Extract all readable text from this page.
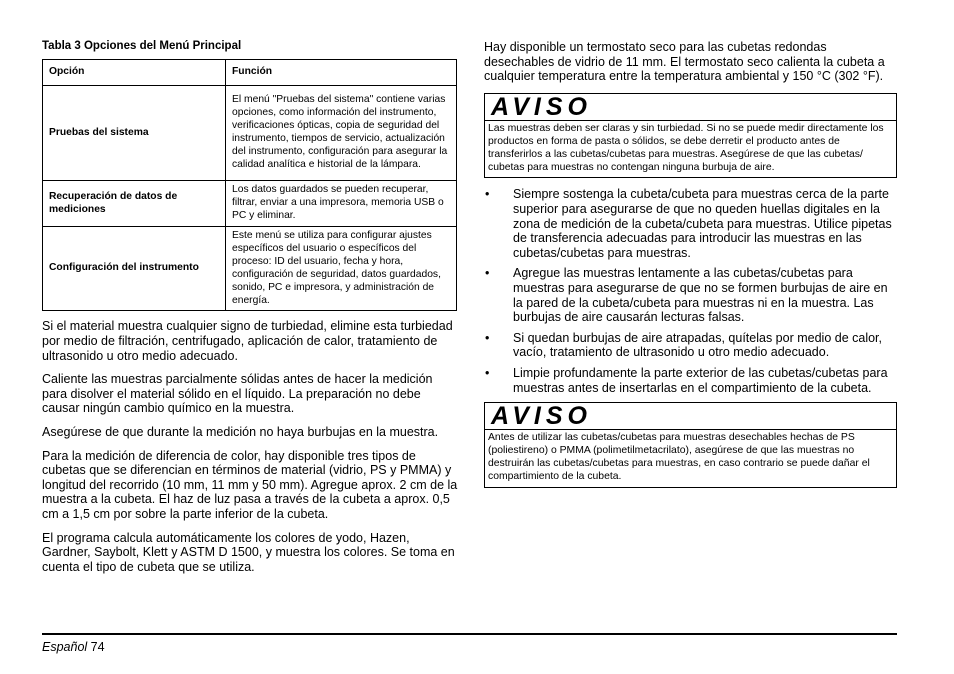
Tabla 3 Opciones del Menú Principal
Opción	Función
Pruebas del sistema	El menú "Pruebas del sistema" contiene varias opciones, como información del instrumento, verificaciones ópticas, copia de seguridad del instrumento, tiempos de servicio, actualización del instrumento, configuración para asegurar la calidad analítica e historial de la lámpara.
Recuperación de datos de mediciones	Los datos guardados se pueden recuperar, filtrar, enviar a una impresora, memoria USB o PC y eliminar.
Configuración del instrumento	Este menú se utiliza para configurar ajustes específicos del usuario o específicos del proceso: ID del usuario, fecha y hora, configuración de seguridad, datos guardados, sonido, PC e impresora, y administración de energía.

Si el material muestra cualquier signo de turbiedad, elimine esta turbiedad por medio de filtración, centrifugado, aplicación de calor, tratamiento de ultrasonido u otro medio adecuado.

Caliente las muestras parcialmente sólidas antes de hacer la medición para disolver el material sólido en el líquido. La preparación no debe causar ningún cambio químico en la muestra.

Asegúrese de que durante la medición no haya burbujas en la muestra.

Para la medición de diferencia de color, hay disponible tres tipos de cubetas que se diferencian en términos de material (vidrio, PS y PMMA) y longitud del recorrido (10 mm, 11 mm y 50 mm). Agregue aprox. 2 cm de la muestra a la cubeta. El haz de luz pasa a través de la cubeta a aprox. 0,5 cm a 1,5 cm por sobre la parte inferior de la cubeta.

El programa calcula automáticamente los colores de yodo, Hazen, Gardner, Saybolt, Klett y ASTM D 1500, y muestra los colores. Se toma en cuenta el tipo de cubeta que se utiliza.

Hay disponible un termostato seco para las cubetas redondas desechables de vidrio de 11 mm. El termostato seco calienta la cubeta a cualquier temperatura entre la temperatura ambiental y 150 °C (302 °F).

AVISO
Las muestras deben ser claras y sin turbiedad. Si no se puede medir directamente los productos en forma de pasta o sólidos, se debe derretir el producto antes de transferirlos a las cubetas/cubetas para muestras. Asegúrese de que las cubetas/ cubetas para muestras no contengan ninguna burbuja de aire.
• Siempre sostenga la cubeta/cubeta para muestras cerca de la parte superior para asegurarse de que no queden huellas digitales en la zona de medición de la cubeta/cubeta para muestras. Utilice pipetas de transferencia adecuadas para introducir las muestras en las cubetas/cubetas para muestras.
• Agregue las muestras lentamente a las cubetas/cubetas para muestras para asegurarse de que no se formen burbujas de aire en la pared de la cubeta/cubeta para muestras ni en la muestra. Las burbujas de aire causarán lecturas falsas.
• Si quedan burbujas de aire atrapadas, quítelas por medio de calor, vacío, tratamiento de ultrasonido u otro medio adecuado.
• Limpie profundamente la parte exterior de las cubetas/cubetas para muestras antes de insertarlas en el compartimiento de la cubeta.
AVISO
Antes de utilizar las cubetas/cubetas para muestras desechables hechas de PS (poliestireno) o PMMA (polimetilmetacrilato), asegúrese de que las muestras no destruirán las cubetas/cubetas para muestras, en caso contrario se puede dañar el compartimiento de la cubeta.
Español 74
